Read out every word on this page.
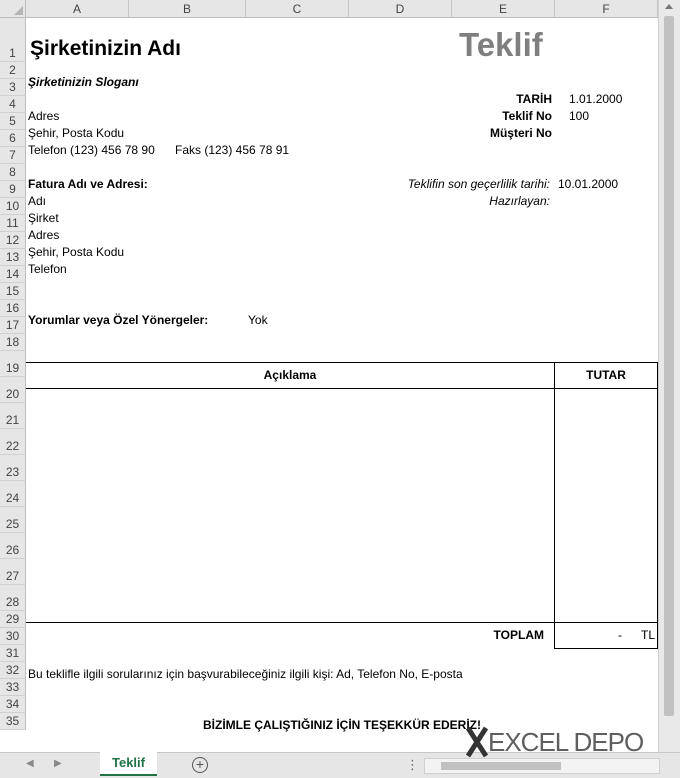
A	B	C	D	E	F
1
2
3
4
5
6
7
8
9
10
11
12
13
14
15
16
17
18
19
20
21
22
23
24
25
26
27
28
29
30
31
32
33
34
35
Şirketinizin Adı	Teklif
Şirketinizin Sloganı
TARİH 1.01.2000
Adres	Teklif No 100
Şehir, Posta Kodu	Müşteri No
Telefon (123) 456 78 90 Faks (123) 456 78 91
Fatura Adı ve Adresi:	Teklifin son geçerlilik tarihi: 10.01.2000
Adı	Hazırlayan:
Şirket
Adres
Şehir, Posta Kodu
Telefon
Yorumlar veya Özel Yönergeler:	Yok
Açıklama	TUTAR
TOPLAM	- TL
Bu teklifle ilgili sorularınız için başvurabileceğiniz ilgili kişi: Ad, Telefon No, E-posta
BİZİMLE ÇALIŞTIĞINIZ İÇİN TEŞEKKÜR EDERİZ!
◀ ▶	Teklif	+	⋮
EXCEL DEPO
